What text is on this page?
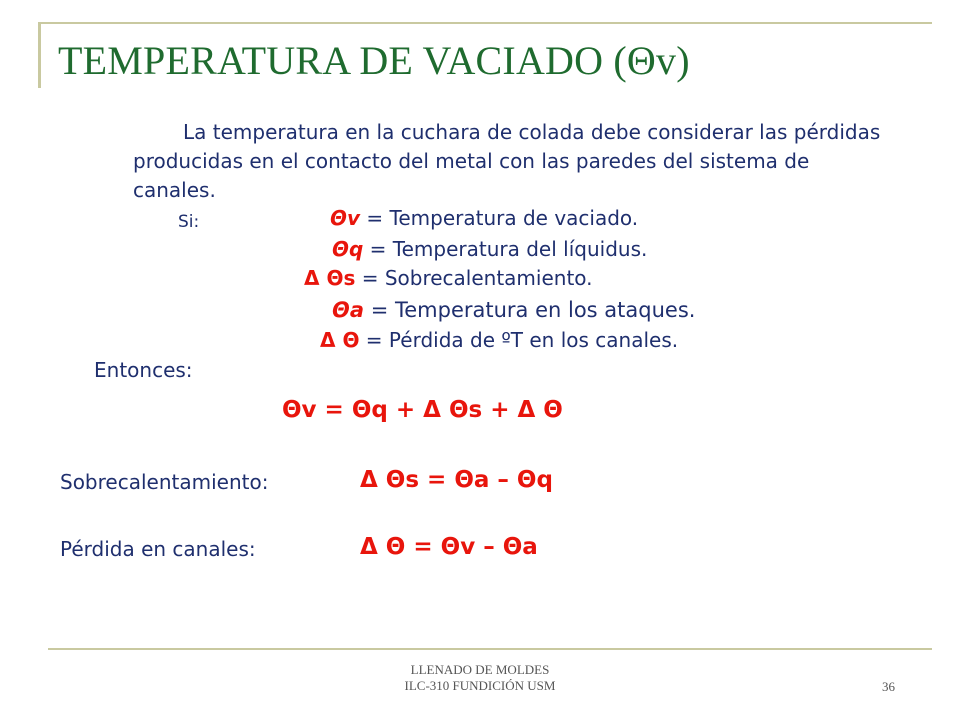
TEMPERATURA DE VACIADO (Θv)
La temperatura en la cuchara de colada debe considerar las pérdidas producidas en el contacto del metal con las paredes del sistema de canales.
Si:	Θv = Temperatura de vaciado.
Θq = Temperatura del líquidus.
Δ Θs = Sobrecalentamiento.
Θa = Temperatura en los ataques.
Δ Θ = Pérdida de ºT en los canales.
Entonces:
Θv = Θq + Δ Θs + Δ Θ
Sobrecalentamiento:	Δ Θs = Θa – Θq
Pérdida en canales:	Δ Θ = Θv – Θa
LLENADO DE MOLDES
ILC-310 FUNDICIÓN USM	36
